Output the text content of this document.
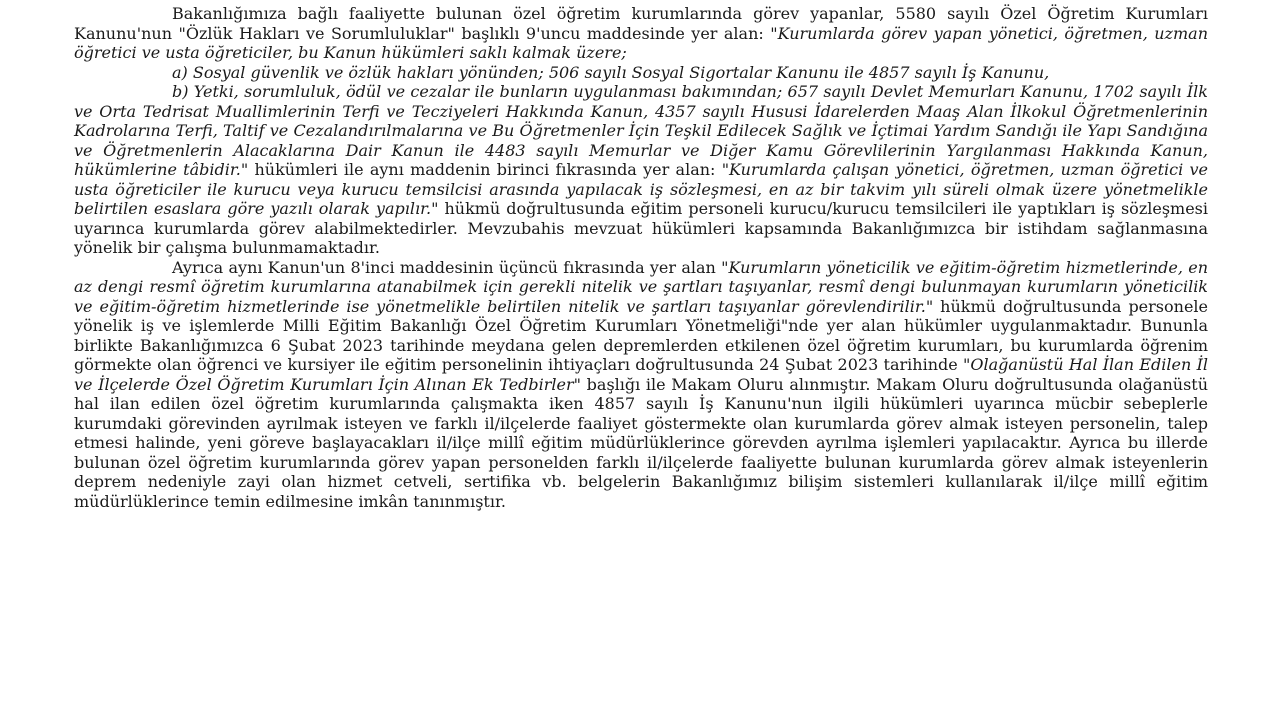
Bakanlığımıza bağlı faaliyette bulunan özel öğretim kurumlarında görev yapanlar, 5580 sayılı Özel Öğretim Kurumları Kanunu'nun "Özlük Hakları ve Sorumluluklar" başlıklı 9'uncu maddesinde yer alan: "Kurumlarda görev yapan yönetici, öğretmen, uzman öğretici ve usta öğreticiler, bu Kanun hükümleri saklı kalmak üzere;

a) Sosyal güvenlik ve özlük hakları yönünden; 506 sayılı Sosyal Sigortalar Kanunu ile 4857 sayılı İş Kanunu,

b) Yetki, sorumluluk, ödül ve cezalar ile bunların uygulanması bakımından; 657 sayılı Devlet Memurları Kanunu, 1702 sayılı İlk ve Orta Tedrisat Muallimlerinin Terfi ve Tecziyeleri Hakkında Kanun, 4357 sayılı Hususi İdarelerden Maaş Alan İlkokul Öğretmenlerinin Kadrolarına Terfi, Taltif ve Cezalandırılmalarına ve Bu Öğretmenler İçin Teşkil Edilecek Sağlık ve İçtimai Yardım Sandığı ile Yapı Sandığına ve Öğretmenlerin Alacaklarına Dair Kanun ile 4483 sayılı Memurlar ve Diğer Kamu Görevlilerinin Yargılanması Hakkında Kanun, hükümlerine tâbidir." hükümleri ile aynı maddenin birinci fıkrasında yer alan: "Kurumlarda çalışan yönetici, öğretmen, uzman öğretici ve usta öğreticiler ile kurucu veya kurucu temsilcisi arasında yapılacak iş sözleşmesi, en az bir takvim yılı süreli olmak üzere yönetmelikle belirtilen esaslara göre yazılı olarak yapılır." hükmü doğrultusunda eğitim personeli kurucu/kurucu temsilcileri ile yaptıkları iş sözleşmesi uyarınca kurumlarda görev alabilmektedirler. Mevzubahis mevzuat hükümleri kapsamında Bakanlığımızca bir istihdam sağlanmasına yönelik bir çalışma bulunmamaktadır.

Ayrıca aynı Kanun'un 8'inci maddesinin üçüncü fıkrasında yer alan "Kurumların yöneticilik ve eğitim-öğretim hizmetlerinde, en az dengi resmî öğretim kurumlarına atanabilmek için gerekli nitelik ve şartları taşıyanlar, resmî dengi bulunmayan kurumların yöneticilik ve eğitim-öğretim hizmetlerinde ise yönetmelikle belirtilen nitelik ve şartları taşıyanlar görevlendirilir." hükmü doğrultusunda personele yönelik iş ve işlemlerde Milli Eğitim Bakanlığı Özel Öğretim Kurumları Yönetmeliği"nde yer alan hükümler uygulanmaktadır. Bununla birlikte Bakanlığımızca 6 Şubat 2023 tarihinde meydana gelen depremlerden etkilenen özel öğretim kurumları, bu kurumlarda öğrenim görmekte olan öğrenci ve kursiyer ile eğitim personelinin ihtiyaçları doğrultusunda 24 Şubat 2023 tarihinde "Olağanüstü Hal İlan Edilen İl ve İlçelerde Özel Öğretim Kurumları İçin Alınan Ek Tedbirler" başlığı ile Makam Oluru alınmıştır. Makam Oluru doğrultusunda olağanüstü hal ilan edilen özel öğretim kurumlarında çalışmakta iken 4857 sayılı İş Kanunu'nun ilgili hükümleri uyarınca mücbir sebeplerle kurumdaki görevinden ayrılmak isteyen ve farklı il/ilçelerde faaliyet göstermekte olan kurumlarda görev almak isteyen personelin, talep etmesi halinde, yeni göreve başlayacakları il/ilçe millî eğitim müdürlüklerince görevden ayrılma işlemleri yapılacaktır. Ayrıca bu illerde bulunan özel öğretim kurumlarında görev yapan personelden farklı il/ilçelerde faaliyette bulunan kurumlarda görev almak isteyenlerin deprem nedeniyle zayi olan hizmet cetveli, sertifika vb. belgelerin Bakanlığımız bilişim sistemleri kullanılarak il/ilçe millî eğitim müdürlüklerince temin edilmesine imkân tanınmıştır.
